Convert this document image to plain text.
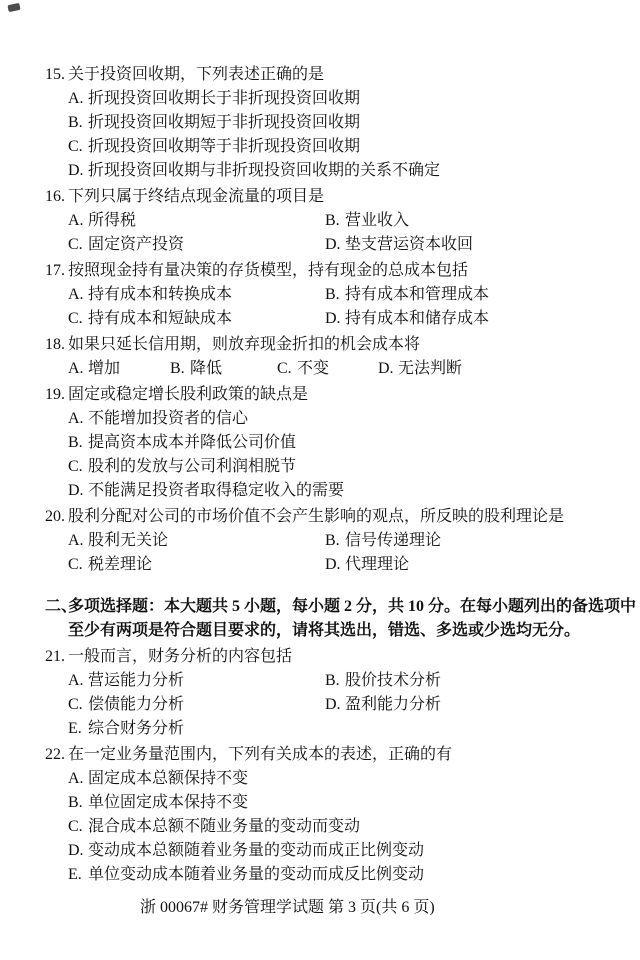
15. 关于投资回收期，下列表述正确的是
A. 折现投资回收期长于非折现投资回收期
B. 折现投资回收期短于非折现投资回收期
C. 折现投资回收期等于非折现投资回收期
D. 折现投资回收期与非折现投资回收期的关系不确定
16. 下列只属于终结点现金流量的项目是
A. 所得税	B. 营业收入
C. 固定资产投资	D. 垫支营运资本收回
17. 按照现金持有量决策的存货模型，持有现金的总成本包括
A. 持有成本和转换成本	B. 持有成本和管理成本
C. 持有成本和短缺成本	D. 持有成本和储存成本
18. 如果只延长信用期，则放弃现金折扣的机会成本将
A. 增加	B. 降低	C. 不变	D. 无法判断
19. 固定或稳定增长股利政策的缺点是
A. 不能增加投资者的信心
B. 提高资本成本并降低公司价值
C. 股利的发放与公司利润相脱节
D. 不能满足投资者取得稳定收入的需要
20. 股利分配对公司的市场价值不会产生影响的观点，所反映的股利理论是
A. 股利无关论	B. 信号传递理论
C. 税差理论	D. 代理理论
二、
多项选择题：本大题共 5 小题，每小题 2 分，共 10 分。在每小题列出的备选项中
至少有两项是符合题目要求的，请将其选出，错选、多选或少选均无分。
21. 一般而言，财务分析的内容包括
A. 营运能力分析	B. 股价技术分析
C. 偿债能力分析	D. 盈利能力分析
E. 综合财务分析
22. 在一定业务量范围内，下列有关成本的表述，正确的有
A. 固定成本总额保持不变
B. 单位固定成本保持不变
C. 混合成本总额不随业务量的变动而变动
D. 变动成本总额随着业务量的变动而成正比例变动
E. 单位变动成本随着业务量的变动而成反比例变动
浙 00067# 财务管理学试题 第 3 页(共 6 页)
